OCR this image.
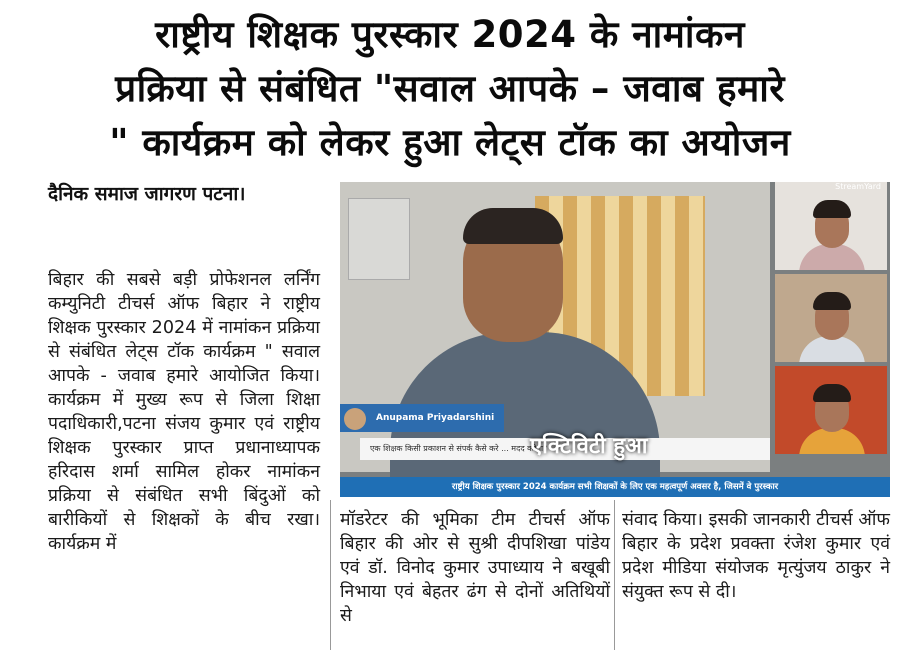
राष्ट्रीय शिक्षक पुरस्कार 2024 के नामांकन
प्रक्रिया से संबंधित "सवाल आपके – जवाब हमारे
" कार्यक्रम को लेकर हुआ लेट्स टॉक का अयोजन
दैनिक समाज जागरण पटना।
बिहार की सबसे बड़ी प्रोफेशनल लर्निंग कम्युनिटी टीचर्स ऑफ बिहार ने राष्ट्रीय शिक्षक पुरस्कार 2024 में नामांकन प्रक्रिया से संबंधित लेट्स टॉक कार्यक्रम " सवाल आपके - जवाब हमारे आयोजित किया। कार्यक्रम में मुख्य रूप से जिला शिक्षा पदाधिकारी,पटना संजय कुमार एवं राष्ट्रीय शिक्षक पुरस्कार प्राप्त प्रधानाध्यापक हरिदास शर्मा सामिल होकर नामांकन प्रक्रिया से संबंधित सभी बिंदुओं को बारीकियों से शिक्षकों के बीच रखा। कार्यक्रम में
मॉडरेटर की भूमिका टीम टीचर्स ऑफ बिहार की ओर से सुश्री दीपशिखा पांडेय एवं डॉ. विनोद कुमार उपाध्याय ने बखूबी निभाया एवं बेहतर ढंग से दोनों अतिथियों से
संवाद किया। इसकी जानकारी टीचर्स ऑफ बिहार के प्रदेश प्रवक्ता रंजेश कुमार एवं प्रदेश मीडिया संयोजक मृत्युंजय ठाकुर ने संयुक्त रूप से दी।
Anupama Priyadarshini
एक शिक्षक किसी प्रकाशन से संपर्क कैसे करे ... मदद करेगा?
एक्टिविटी हुआ
StreamYard
राष्ट्रीय शिक्षक पुरस्कार 2024 कार्यक्रम सभी शिक्षकों के लिए एक महत्वपूर्ण अवसर है, जिसमें वे पुरस्कार
